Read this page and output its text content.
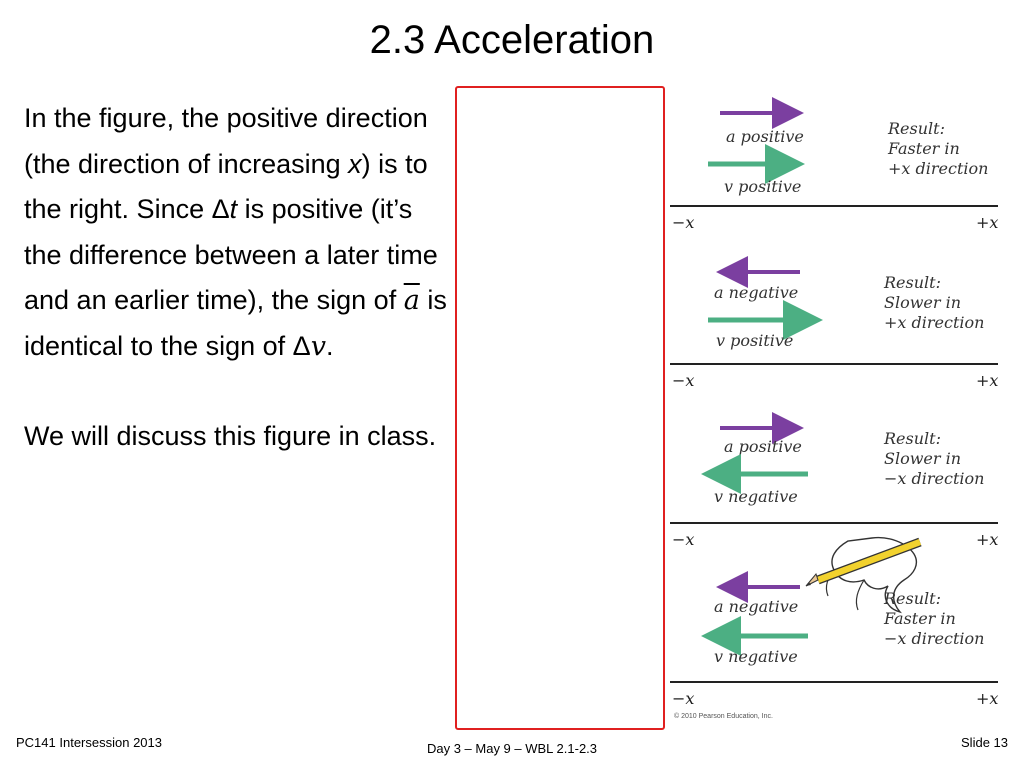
2.3 Acceleration

In the figure, the positive direction (the direction of increasing x) is to the right. Since Δt is positive (it’s the difference between a later time and an earlier time), the sign of $\overline{a}$ is identical to the sign of Δv.

We will discuss this figure in class.

a positive
v positive
Result:
Faster in
+x direction
−x	+x
a negative
v positive
Result:
Slower in
+x direction
−x	+x
a positive
v negative
Result:
Slower in
−x direction
−x	+x
a negative
v negative
Result:
Faster in
−x direction
−x	+x
© 2010 Pearson Education, Inc.
PC141 Intersession 2013	Day 3 – May 9 – WBL 2.1-2.3	Slide 13
